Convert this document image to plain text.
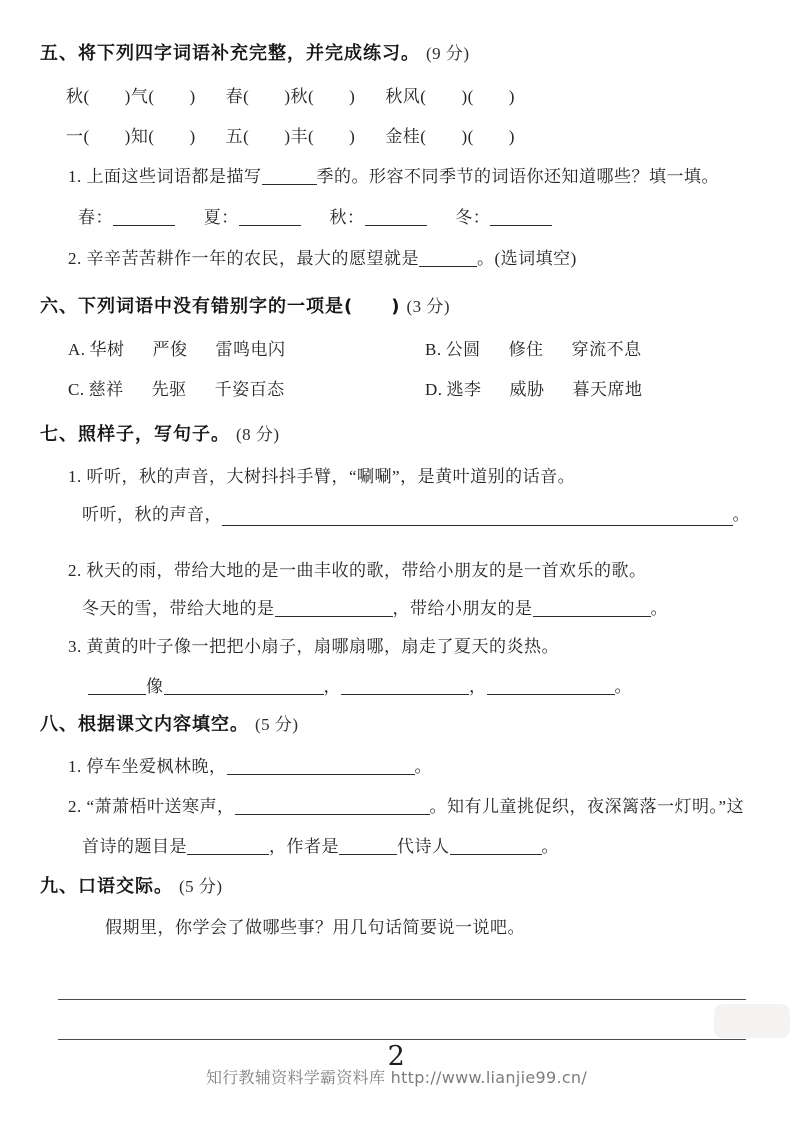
五、将下列四字词语补充完整，并完成练习。 (9 分)
秋(　　)气(　　) 春(　　)秋(　　) 秋风(　　)(　　)
一(　　)知(　　) 五(　　)丰(　　) 金桂(　　)(　　)
1. 上面这些词语都是描写	季的。形容不同季节的词语你还知道哪些？填一填。
春：	夏：	秋：	冬：
2. 辛辛苦苦耕作一年的农民，最大的愿望就是	。(选词填空)
六、下列词语中没有错别字的一项是(　　) (3 分)
A. 华树 严俊 雷鸣电闪	B. 公圆 修住 穿流不息
C. 慈祥 先驱 千姿百态	D. 逃李 威胁 暮天席地
七、照样子，写句子。 (8 分)
1. 听听，秋的声音，大树抖抖手臂，“唰唰”，是黄叶道别的话音。
听听，秋的声音，	。
2. 秋天的雨，带给大地的是一曲丰收的歌，带给小朋友的是一首欢乐的歌。
冬天的雪，带给大地的是	，带给小朋友的是	。
3. 黄黄的叶子像一把把小扇子，扇哪扇哪，扇走了夏天的炎热。
像	，	，	。
八、根据课文内容填空。 (5 分)
1. 停车坐爱枫林晚，	。
2. “萧萧梧叶送寒声，	。知有儿童挑促织，夜深篱落一灯明。”这
首诗的题目是	，作者是	代诗人	。
九、口语交际。 (5 分)
假期里，你学会了做哪些事？用几句话简要说一说吧。
2
知行教辅资料学霸资料库 http://www.lianjie99.cn/
